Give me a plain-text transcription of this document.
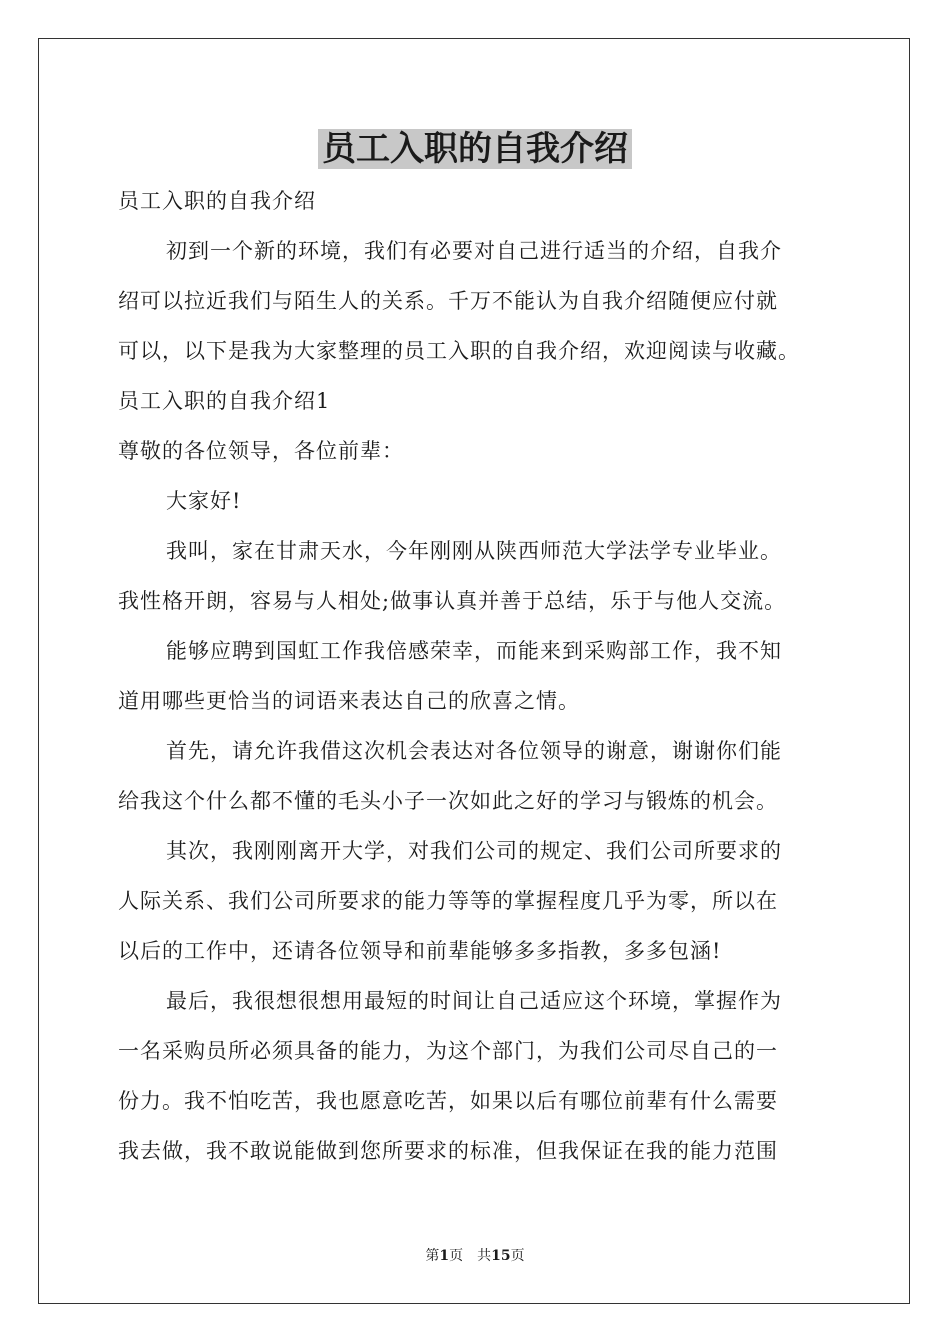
员工入职的自我介绍

员工入职的自我介绍

初到一个新的环境，我们有必要对自己进行适当的介绍，自我介

绍可以拉近我们与陌生人的关系。千万不能认为自我介绍随便应付就

可以，以下是我为大家整理的员工入职的自我介绍，欢迎阅读与收藏。

员工入职的自我介绍1

尊敬的各位领导，各位前辈：

大家好!

我叫，家在甘肃天水，今年刚刚从陕西师范大学法学专业毕业。

我性格开朗，容易与人相处;做事认真并善于总结，乐于与他人交流。

能够应聘到国虹工作我倍感荣幸，而能来到采购部工作，我不知

道用哪些更恰当的词语来表达自己的欣喜之情。

首先，请允许我借这次机会表达对各位领导的谢意，谢谢你们能

给我这个什么都不懂的毛头小子一次如此之好的学习与锻炼的机会。

其次，我刚刚离开大学，对我们公司的规定、我们公司所要求的

人际关系、我们公司所要求的能力等等的掌握程度几乎为零，所以在

以后的工作中，还请各位领导和前辈能够多多指教，多多包涵!

最后，我很想很想用最短的时间让自己适应这个环境，掌握作为

一名采购员所必须具备的能力，为这个部门，为我们公司尽自己的一

份力。我不怕吃苦，我也愿意吃苦，如果以后有哪位前辈有什么需要

我去做，我不敢说能做到您所要求的标准，但我保证在我的能力范围

第1页　共15页
